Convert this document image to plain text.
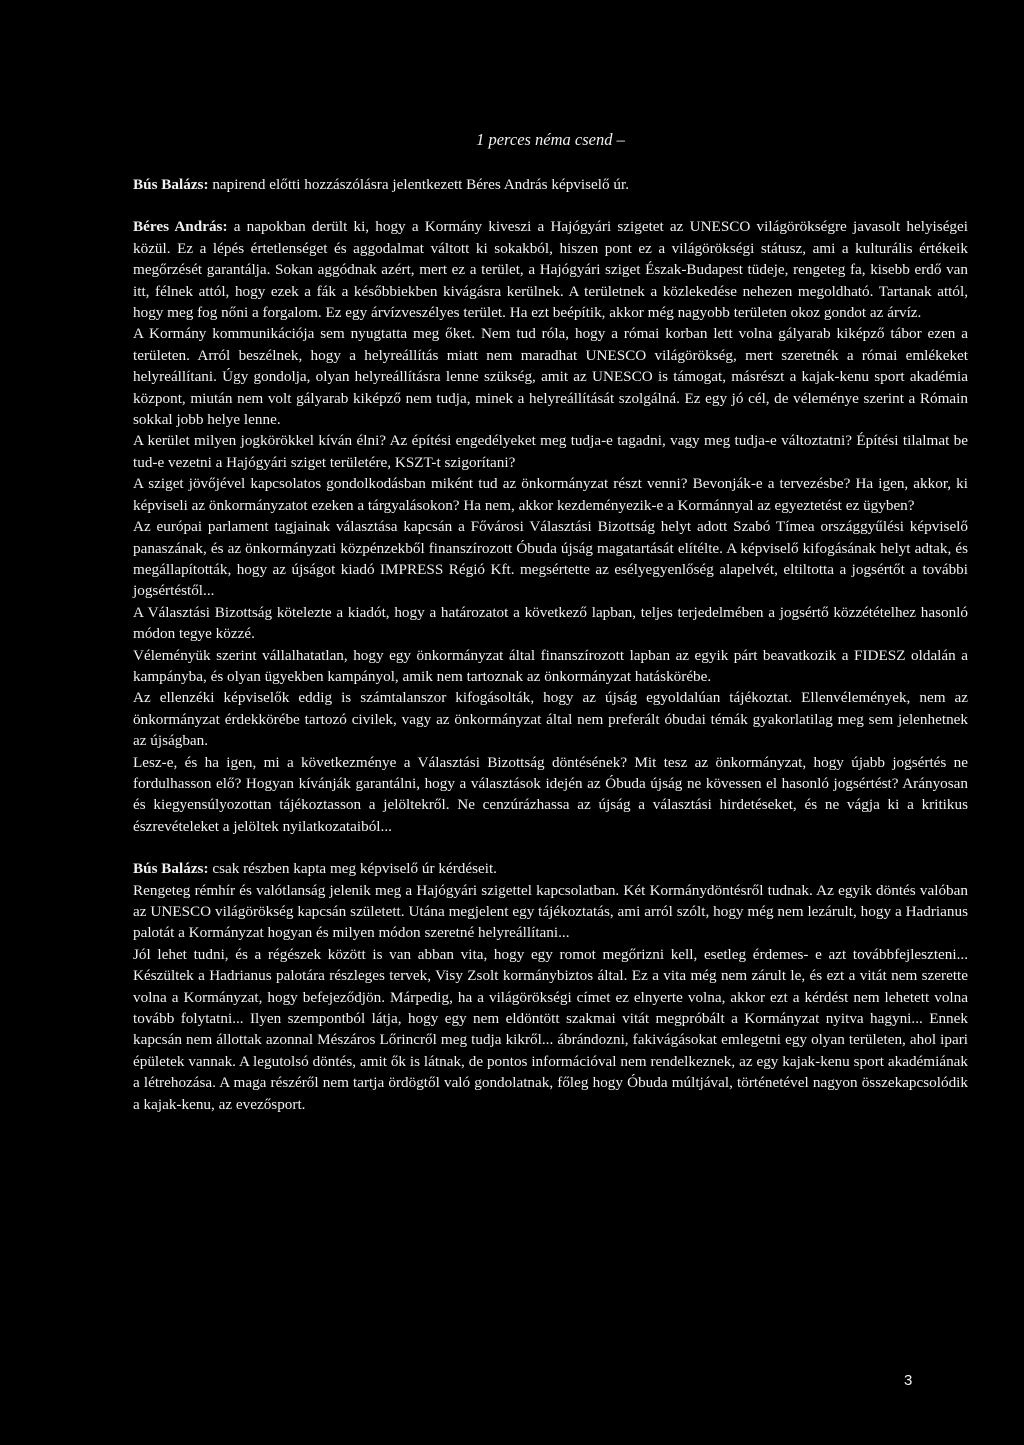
1 perces néma csend –

Bús Balázs: napirend előtti hozzászólásra jelentkezett Béres András képviselő úr.

Béres András: a napokban derült ki, hogy a Kormány kiveszi a Hajógyári szigetet az UNESCO világörökségre javasolt helyiségei közül. Ez a lépés értetlenséget és aggodalmat váltott ki sokakból, hiszen pont ez a világörökségi státusz, ami a kulturális értékeik megőrzését garantálja. Sokan aggódnak azért, mert ez a terület, a Hajógyári sziget Észak-Budapest tüdeje, rengeteg fa, kisebb erdő van itt, félnek attól, hogy ezek a fák a későbbiekben kivágásra kerülnek. A területnek a közlekedése nehezen megoldható. Tartanak attól, hogy meg fog nőni a forgalom. Ez egy árvízveszélyes terület. Ha ezt beépítik, akkor még nagyobb területen okoz gondot az árvíz.

A Kormány kommunikációja sem nyugtatta meg őket. Nem tud róla, hogy a római korban lett volna gályarab kiképző tábor ezen a területen. Arról beszélnek, hogy a helyreállítás miatt nem maradhat UNESCO világörökség, mert szeretnék a római emlékeket helyreállítani. Úgy gondolja, olyan helyreállításra lenne szükség, amit az UNESCO is támogat, másrészt a kajak-kenu sport akadémia központ, miután nem volt gályarab kiképző nem tudja, minek a helyreállítását szolgálná. Ez egy jó cél, de véleménye szerint a Rómain sokkal jobb helye lenne.

A kerület milyen jogkörökkel kíván élni? Az építési engedélyeket meg tudja-e tagadni, vagy meg tudja-e változtatni? Építési tilalmat be tud-e vezetni a Hajógyári sziget területére, KSZT-t szigorítani?

A sziget jövőjével kapcsolatos gondolkodásban miként tud az önkormányzat részt venni? Bevonják-e a tervezésbe? Ha igen, akkor, ki képviseli az önkormányzatot ezeken a tárgyalásokon? Ha nem, akkor kezdeményezik-e a Kormánnyal az egyeztetést ez ügyben?

Az európai parlament tagjainak választása kapcsán a Fővárosi Választási Bizottság helyt adott Szabó Tímea országgyűlési képviselő panaszának, és az önkormányzati közpénzekből finanszírozott Óbuda újság magatartását elítélte. A képviselő kifogásának helyt adtak, és megállapították, hogy az újságot kiadó IMPRESS Régió Kft. megsértette az esélyegyenlőség alapelvét, eltiltotta a jogsértőt a további jogsértéstől...

A Választási Bizottság kötelezte a kiadót, hogy a határozatot a következő lapban, teljes terjedelmében a jogsértő közzétételhez hasonló módon tegye közzé.

Véleményük szerint vállalhatatlan, hogy egy önkormányzat által finanszírozott lapban az egyik párt beavatkozik a FIDESZ oldalán a kampányba, és olyan ügyekben kampányol, amik nem tartoznak az önkormányzat hatáskörébe.

Az ellenzéki képviselők eddig is számtalanszor kifogásolták, hogy az újság egyoldalúan tájékoztat. Ellenvélemények, nem az önkormányzat érdekkörébe tartozó civilek, vagy az önkormányzat által nem preferált óbudai témák gyakorlatilag meg sem jelenhetnek az újságban.

Lesz-e, és ha igen, mi a következménye a Választási Bizottság döntésének? Mit tesz az önkormányzat, hogy újabb jogsértés ne fordulhasson elő? Hogyan kívánják garantálni, hogy a választások idején az Óbuda újság ne kövessen el hasonló jogsértést? Arányosan és kiegyensúlyozottan tájékoztasson a jelöltekről. Ne cenzúrázhassa az újság a választási hirdetéseket, és ne vágja ki a kritikus észrevételeket a jelöltek nyilatkozataiból...

Bús Balázs: csak részben kapta meg képviselő úr kérdéseit.

Rengeteg rémhír és valótlanság jelenik meg a Hajógyári szigettel kapcsolatban. Két Kormánydöntésről tudnak. Az egyik döntés valóban az UNESCO világörökség kapcsán született. Utána megjelent egy tájékoztatás, ami arról szólt, hogy még nem lezárult, hogy a Hadrianus palotát a Kormányzat hogyan és milyen módon szeretné helyreállítani...

Jól lehet tudni, és a régészek között is van abban vita, hogy egy romot megőrizni kell, esetleg érdemes- e azt továbbfejleszteni... Készültek a Hadrianus palotára részleges tervek, Visy Zsolt kormánybiztos által. Ez a vita még nem zárult le, és ezt a vitát nem szerette volna a Kormányzat, hogy befejeződjön. Márpedig, ha a világörökségi címet ez elnyerte volna, akkor ezt a kérdést nem lehetett volna tovább folytatni... Ilyen szempontból látja, hogy egy nem eldöntött szakmai vitát megpróbált a Kormányzat nyitva hagyni... Ennek kapcsán nem állottak azonnal Mészáros Lőrincről meg tudja kikről... ábrándozni, fakivágásokat emlegetni egy olyan területen, ahol ipari épületek vannak. A legutolsó döntés, amit ők is látnak, de pontos információval nem rendelkeznek, az egy kajak-kenu sport akadémiának a létrehozása. A maga részéről nem tartja ördögtől való gondolatnak, főleg hogy Óbuda múltjával, történetével nagyon összekapcsolódik a kajak-kenu, az evezősport.

3
